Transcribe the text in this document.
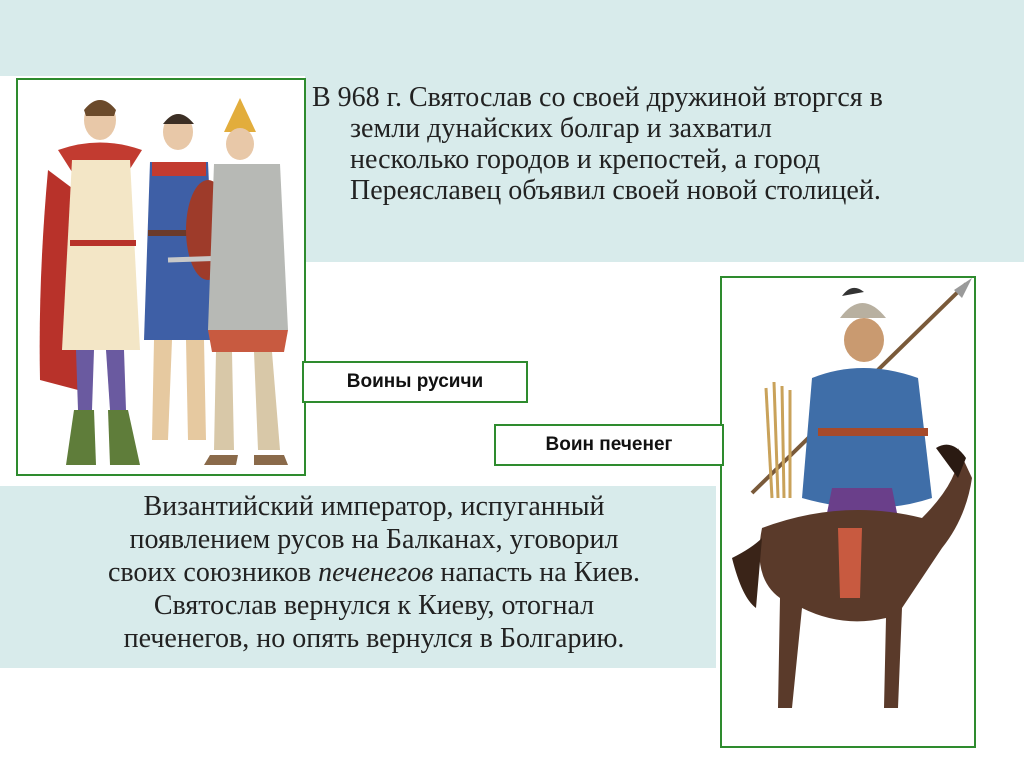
Воины русичи
Воин печенег
В 968 г. Святослав со своей дружиной вторгся в
земли дунайских болгар и захватил
несколько городов и крепостей, а город
Переяславец объявил своей новой столицей.
Византийский император, испуганный
появлением русов на Балканах, уговорил
своих союзников печенегов напасть на Киев.
Святослав вернулся к Киеву, отогнал
печенегов, но опять вернулся в Болгарию.
